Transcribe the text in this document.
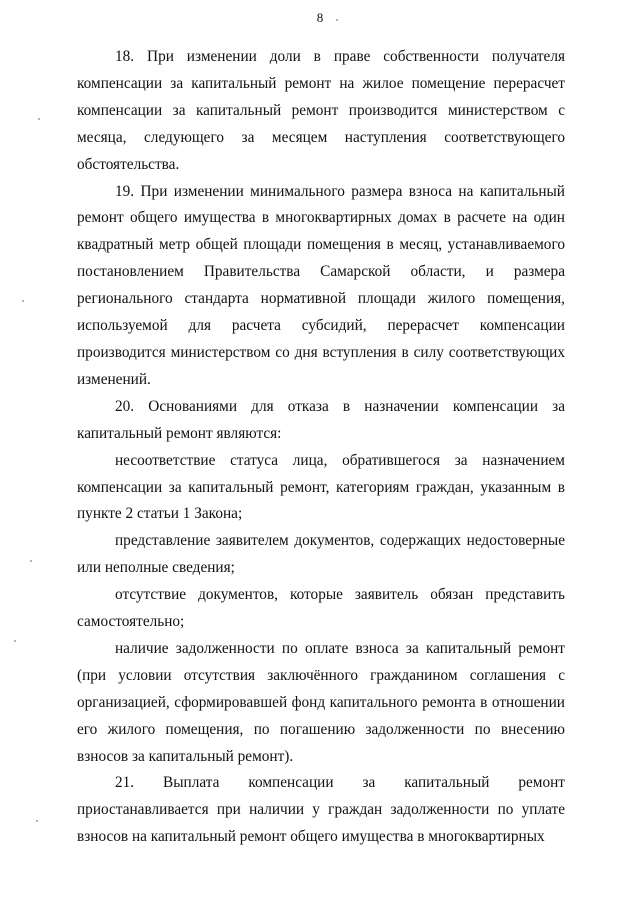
8

18. При изменении доли в праве собственности получателя компенсации за капитальный ремонт на жилое помещение перерасчет компенсации за капитальный ремонт производится министерством с месяца, следующего за месяцем наступления соответствующего обстоятельства.

19. При изменении минимального размера взноса на капитальный ремонт общего имущества в многоквартирных домах в расчете на один квадратный метр общей площади помещения в месяц, устанавливаемого постановлением Правительства Самарской области, и размера регионального стандарта нормативной площади жилого помещения, используемой для расчета субсидий, перерасчет компенсации производится министерством со дня вступления в силу соответствующих изменений.

20. Основаниями для отказа в назначении компенсации за капитальный ремонт являются:

несоответствие статуса лица, обратившегося за назначением компенсации за капитальный ремонт, категориям граждан, указанным в пункте 2 статьи 1 Закона;

представление заявителем документов, содержащих недостоверные или неполные сведения;

отсутствие документов, которые заявитель обязан представить самостоятельно;

наличие задолженности по оплате взноса за капитальный ремонт (при условии отсутствия заключённого гражданином соглашения с организацией, сформировавшей фонд капитального ремонта в отношении его жилого помещения, по погашению задолженности по внесению взносов за капитальный ремонт).

21. Выплата компенсации за капитальный ремонт приостанавливается при наличии у граждан задолженности по уплате взносов на капитальный ремонт общего имущества в многоквартирных
